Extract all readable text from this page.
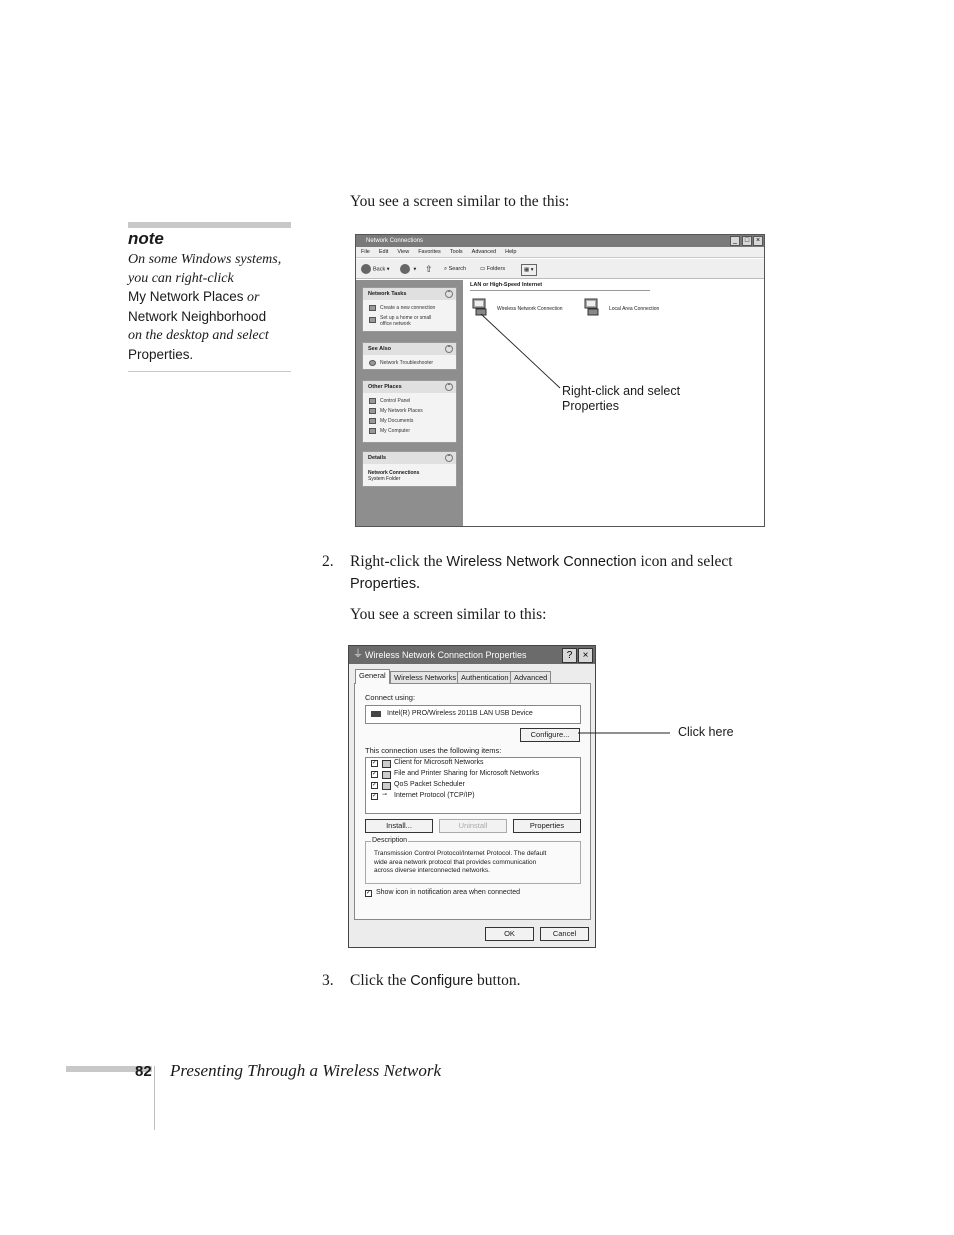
You see a screen similar to the this:
note
On some Windows systems,
you can right-click
My Network Places or
Network Neighborhood
on the desktop and select
Properties.
Network Connections	_	□ ×
File Edit View Favorites Tools Advanced Help
Back ▾	▾ ⇧ ⌕ Search	▭ Folders	▦ ▾
Network Tasks	ˆ
Create a new connection
Set up a home or small
office network
See Also	ˆ
Network Troubleshooter
Other Places	ˆ
Control Panel
My Network Places
My Documents
My Computer
Details	ˆ
Network Connections
System Folder
LAN or High-Speed Internet
Wireless Network Connection	Local Area Connection
Right-click and select
Properties
2. Right-click the Wireless Network Connection icon and select
Properties.
You see a screen similar to this:
⏚ Wireless Network Connection Properties	?	×
General	Wireless Networks Authentication Advanced
Connect using:
Intel(R) PRO/Wireless 2011B LAN USB Device
Configure...
This connection uses the following items:
✓ Client for Microsoft Networks
✓ File and Printer Sharing for Microsoft Networks
✓ QoS Packet Scheduler
✓ ⊸ Internet Protocol (TCP/IP)
Install...	Uninstall	Properties
Description
Transmission Control Protocol/Internet Protocol. The default
wide area network protocol that provides communication
across diverse interconnected networks.
✓ Show icon in notification area when connected
OK	Cancel
Click here
3. Click the Configure button.
82 Presenting Through a Wireless Network
